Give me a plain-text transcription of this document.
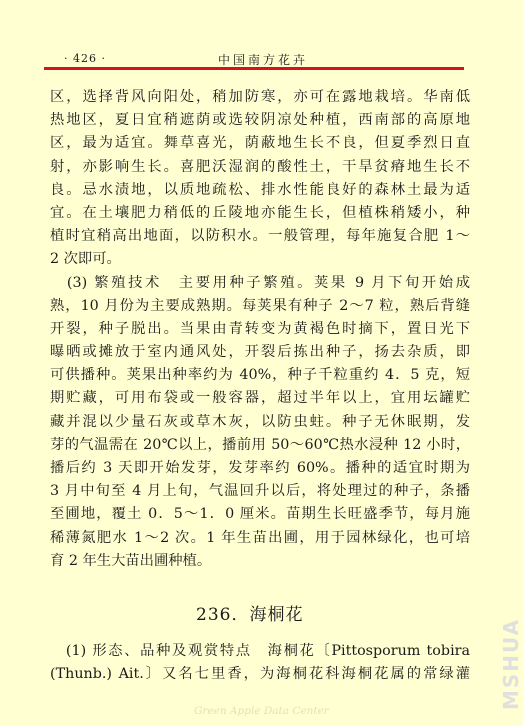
· 426 ·	中国南方花卉
区，选择背风向阳处，稍加防寒，亦可在露地栽培。华南低
热地区，夏日宜稍遮荫或选较阴凉处种植，西南部的高原地
区，最为适宜。舞草喜光，荫蔽地生长不良，但夏季烈日直
射，亦影响生长。喜肥沃湿润的酸性土，干旱贫瘠地生长不
良。忌水渍地，以质地疏松、排水性能良好的森林土最为适
宜。在土壤肥力稍低的丘陵地亦能生长，但植株稍矮小，种
植时宜稍高出地面，以防积水。一般管理，每年施复合肥 1～
2 次即可。
　(3) 繁殖技术　主要用种子繁殖。荚果 9 月下旬开始成
熟，10 月份为主要成熟期。每荚果有种子 2～7 粒，熟后背缝
开裂，种子脱出。当果由青转变为黄褐色时摘下，置日光下
曝晒或摊放于室内通风处，开裂后拣出种子，扬去杂质，即
可供播种。荚果出种率约为 40%，种子千粒重约 4．5 克，短
期贮藏，可用布袋或一般容器，超过半年以上，宜用坛罐贮
藏并混以少量石灰或草木灰，以防虫蛀。种子无休眠期，发
芽的气温需在 20℃以上，播前用 50～60℃热水浸种 12 小时，
播后约 3 天即开始发芽，发芽率约 60%。播种的适宜时期为
3 月中旬至 4 月上旬，气温回升以后，将处理过的种子，条播
至圃地，覆土 0．5～1．0 厘米。苗期生长旺盛季节，每月施
稀薄氮肥水 1～2 次。1 年生苗出圃，用于园林绿化，也可培
育 2 年生大苗出圃种植。
236．海桐花
　(1) 形态、品种及观赏特点　海桐花〔Pittosporum tobira
(Thunb.) Ait.〕又名七里香，为海桐花科海桐花属的常绿灌 MSHUA
Green Apple Data Center
